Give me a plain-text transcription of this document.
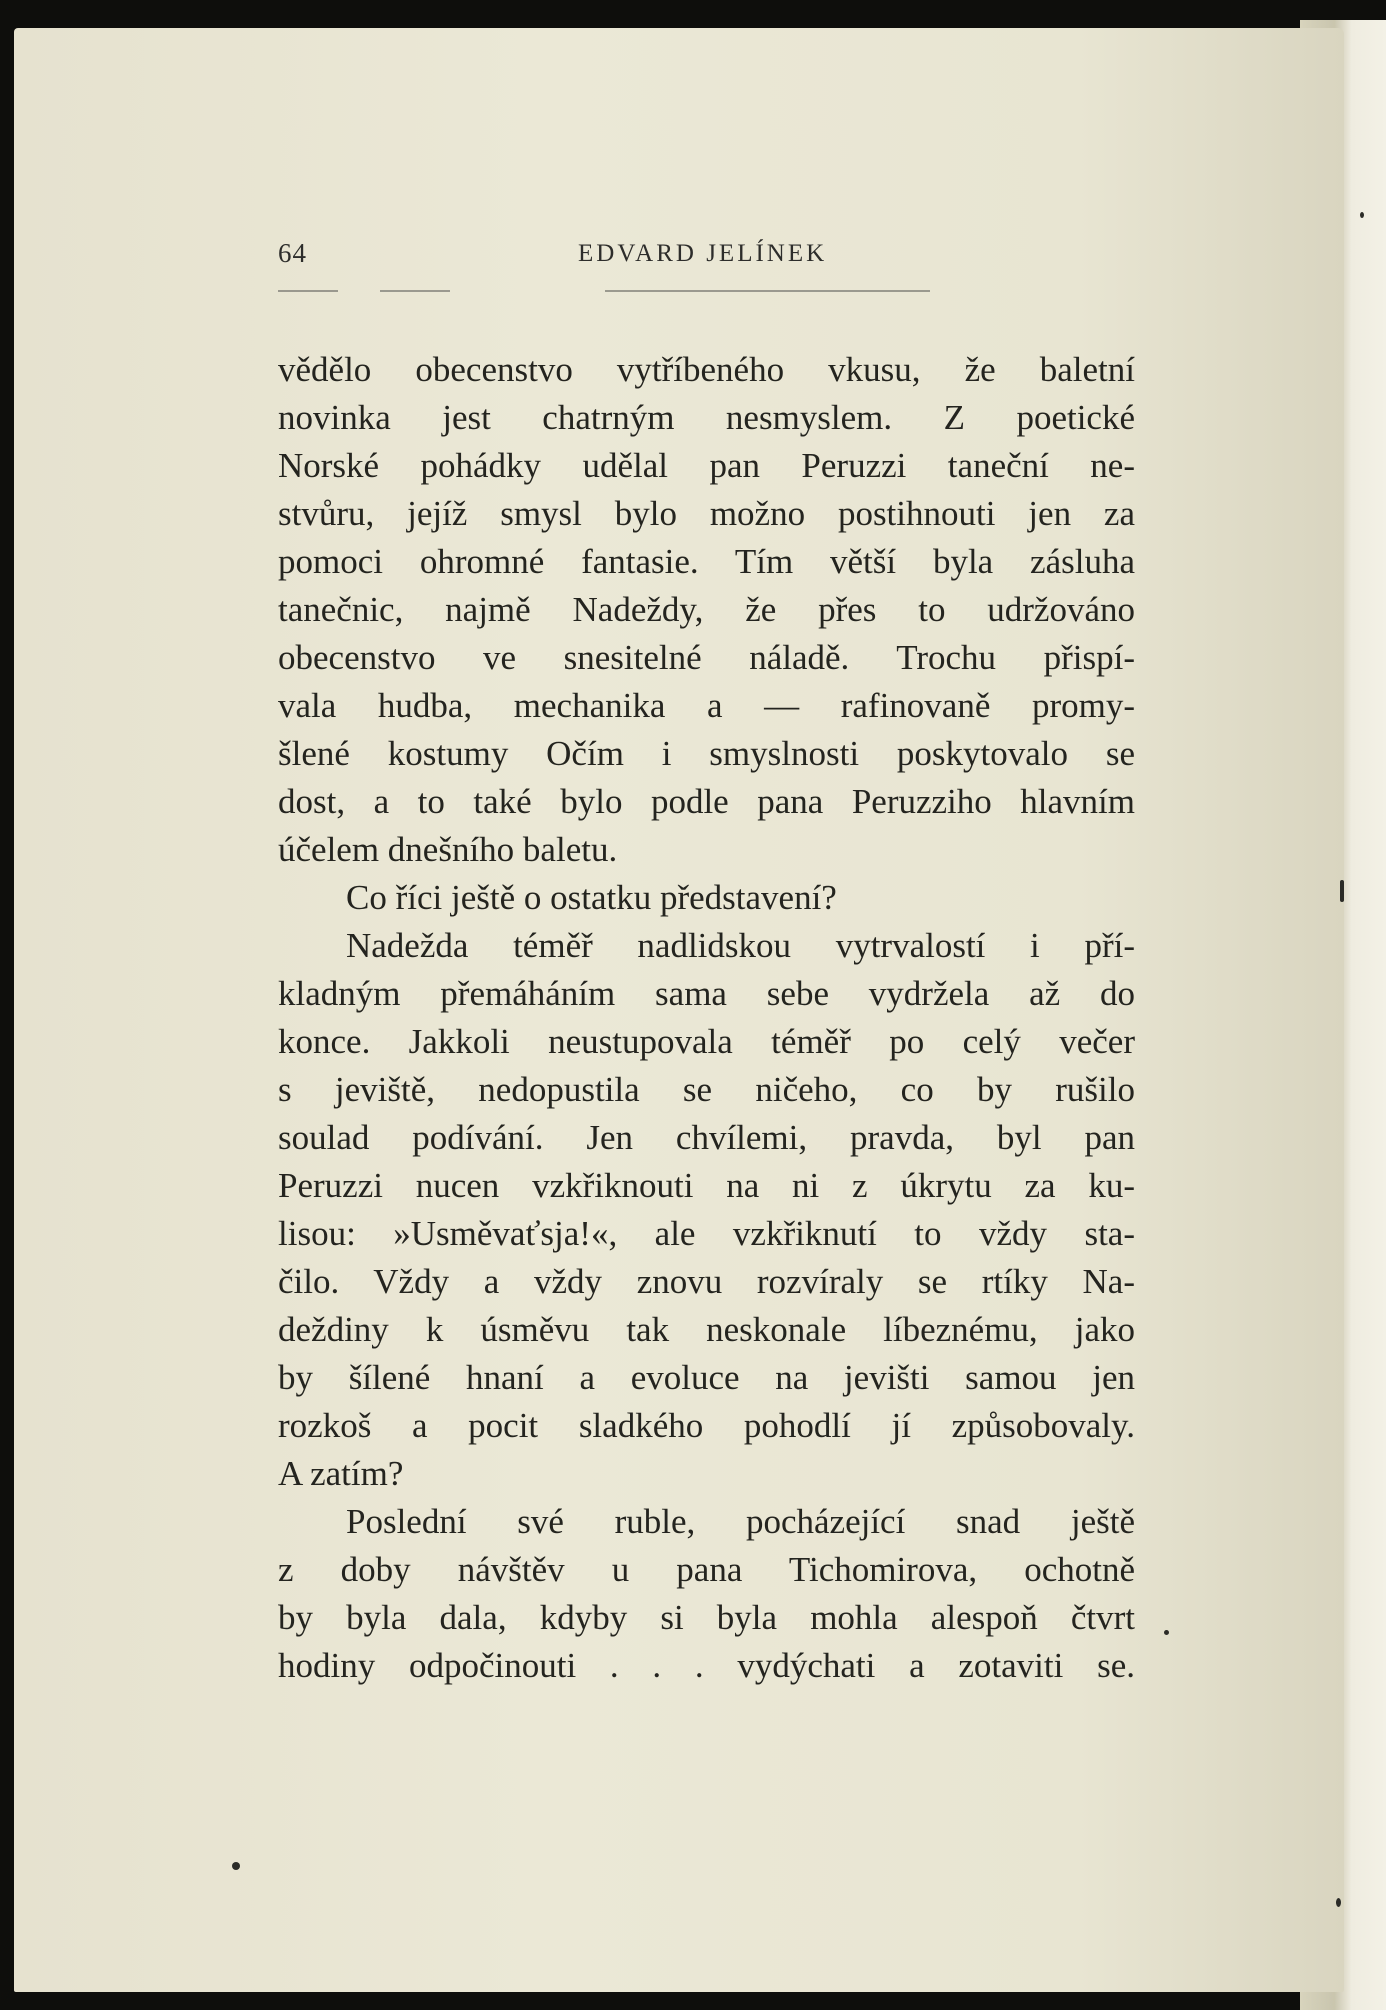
64	EDVARD JELÍNEK
vědělo obecenstvo vytříbeného vkusu, že baletní
novinka jest chatrným nesmyslem. Z poetické
Norské pohádky udělal pan Peruzzi taneční ne-
stvůru, jejíž smysl bylo možno postihnouti jen za
pomoci ohromné fantasie. Tím větší byla zásluha
tanečnic, najmě Nadeždy, že přes to udržováno
obecenstvo ve snesitelné náladě. Trochu přispí-
vala hudba, mechanika a — rafinovaně promy-
šlené kostumy Očím i smyslnosti poskytovalo se
dost, a to také bylo podle pana Peruzziho hlavním
účelem dnešního baletu.
Co říci ještě o ostatku představení?
Nadežda téměř nadlidskou vytrvalostí i pří-
kladným přemáháním sama sebe vydržela až do
konce. Jakkoli neustupovala téměř po celý večer
s jeviště, nedopustila se ničeho, co by rušilo
soulad podívání. Jen chvílemi, pravda, byl pan
Peruzzi nucen vzkřiknouti na ni z úkrytu za ku-
lisou: »Usměvaťsja!«, ale vzkřiknutí to vždy sta-
čilo. Vždy a vždy znovu rozvíraly se rtíky Na-
deždiny k úsměvu tak neskonale líbeznému, jako
by šílené hnaní a evoluce na jevišti samou jen
rozkoš a pocit sladkého pohodlí jí způsobovaly.
A zatím?
Poslední své ruble, pocházející snad ještě
z doby návštěv u pana Tichomirova, ochotně
by byla dala, kdyby si byla mohla alespoň čtvrt
hodiny odpočinouti . . . vydýchati a zotaviti se.
